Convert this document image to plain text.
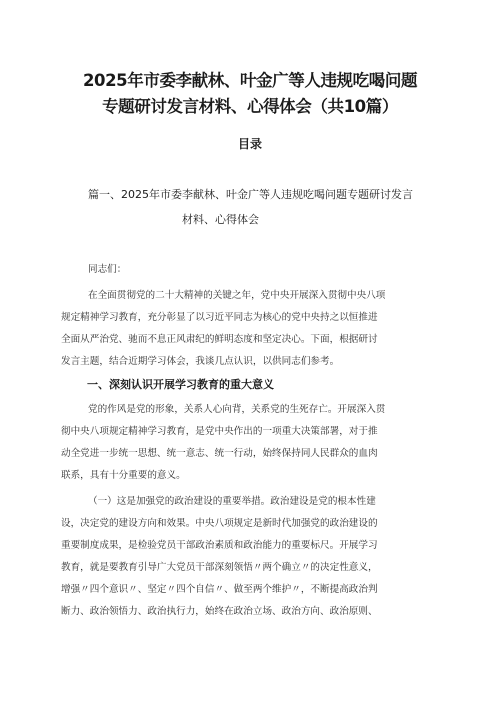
2025年市委李献林、叶金广等人违规吃喝问题
专题研讨发言材料、心得体会（共10篇）
目录
篇一、2025年市委李献林、叶金广等人违规吃喝问题专题研讨发言
材料、心得体会
同志们：
在全面贯彻党的二十大精神的关键之年，党中央开展深入贯彻中央八项
规定精神学习教育，充分彰显了以习近平同志为核心的党中央持之以恒推进
全面从严治党、驰而不息正风肃纪的鲜明态度和坚定决心。下面，根据研讨
发言主题，结合近期学习体会，我谈几点认识，以供同志们参考。
一、深刻认识开展学习教育的重大意义
党的作风是党的形象，关系人心向背，关系党的生死存亡。开展深入贯
彻中央八项规定精神学习教育，是党中央作出的一项重大决策部署，对于推
动全党进一步统一思想、统一意志、统一行动，始终保持同人民群众的血肉
联系，具有十分重要的意义。
（一）这是加强党的政治建设的重要举措。政治建设是党的根本性建
设，决定党的建设方向和效果。中央八项规定是新时代加强党的政治建设的
重要制度成果，是检验党员干部政治素质和政治能力的重要标尺。开展学习
教育，就是要教育引导广大党员干部深刻领悟〃两个确立〃的决定性意义，
增强〃四个意识〃、坚定〃四个自信〃、做至两个维护〃，不断提高政治判
断力、政治领悟力、政治执行力，始终在政治立场、政治方向、政治原则、
